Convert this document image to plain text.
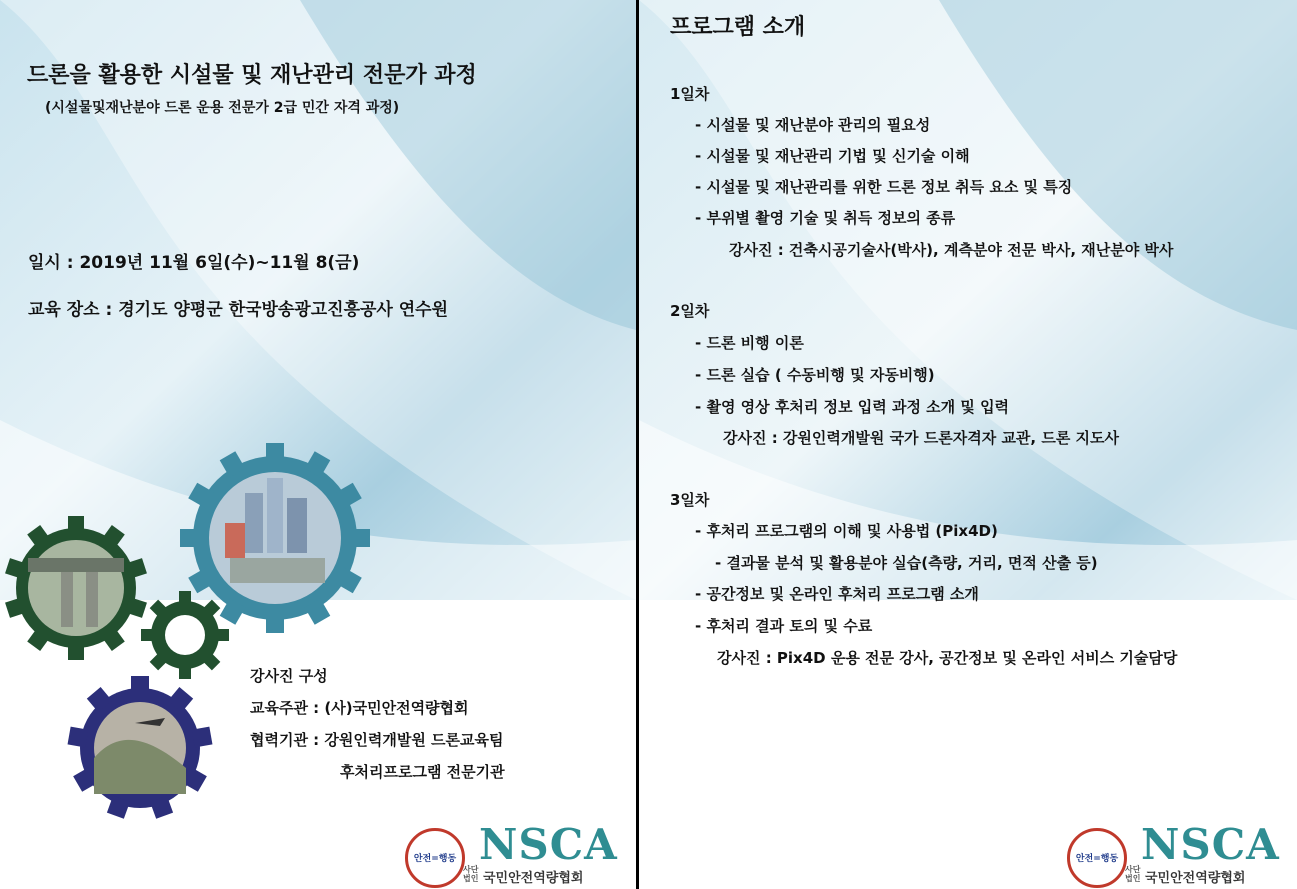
드론을 활용한 시설물 및 재난관리 전문가 과정
(시설물및재난분야 드론 운용 전문가 2급 민간 자격 과정)
일시 : 2019년 11월 6일(수)~11월 8(금)
교육 장소 : 경기도 양평군 한국방송광고진흥공사 연수원
강사진 구성
교육주관 : (사)국민안전역량협회
협력기관 : 강원인력개발원 드론교육팀
후처리프로그램 전문기관
안전=행동 NSCA
사단
법인 국민안전역량협회
프로그램 소개
1일차
- 시설물 및 재난분야 관리의 필요성
- 시설물 및 재난관리 기법 및 신기술 이해
- 시설물 및 재난관리를 위한 드론 정보 취득 요소 및 특징
- 부위별 촬영 기술 및 취득 정보의 종류
강사진 : 건축시공기술사(박사), 계측분야 전문 박사, 재난분야 박사
2일차
- 드론 비행 이론
- 드론 실습 ( 수동비행 및 자동비행)
- 촬영 영상 후처리 정보 입력 과정 소개 및 입력
강사진 : 강원인력개발원 국가 드론자격자 교관, 드론 지도사
3일차
- 후처리 프로그램의 이해 및 사용법 (Pix4D)
- 결과물 분석 및 활용분야 실습(측량, 거리, 면적 산출 등)
- 공간정보 및 온라인 후처리 프로그램 소개
- 후처리 결과 토의 및 수료
강사진 : Pix4D 운용 전문 강사, 공간정보 및 온라인 서비스 기술담당
안전=행동 NSCA
사단
법인 국민안전역량협회
